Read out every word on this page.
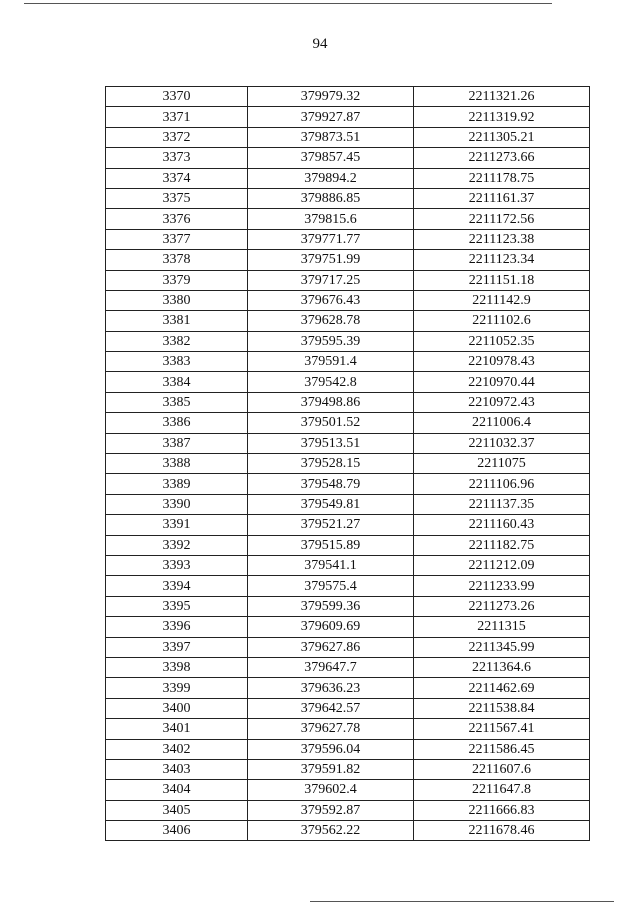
94
3370	379979.32	2211321.26
3371	379927.87	2211319.92
3372	379873.51	2211305.21
3373	379857.45	2211273.66
3374	379894.2	2211178.75
3375	379886.85	2211161.37
3376	379815.6	2211172.56
3377	379771.77	2211123.38
3378	379751.99	2211123.34
3379	379717.25	2211151.18
3380	379676.43	2211142.9
3381	379628.78	2211102.6
3382	379595.39	2211052.35
3383	379591.4	2210978.43
3384	379542.8	2210970.44
3385	379498.86	2210972.43
3386	379501.52	2211006.4
3387	379513.51	2211032.37
3388	379528.15	2211075
3389	379548.79	2211106.96
3390	379549.81	2211137.35
3391	379521.27	2211160.43
3392	379515.89	2211182.75
3393	379541.1	2211212.09
3394	379575.4	2211233.99
3395	379599.36	2211273.26
3396	379609.69	2211315
3397	379627.86	2211345.99
3398	379647.7	2211364.6
3399	379636.23	2211462.69
3400	379642.57	2211538.84
3401	379627.78	2211567.41
3402	379596.04	2211586.45
3403	379591.82	2211607.6
3404	379602.4	2211647.8
3405	379592.87	2211666.83
3406	379562.22	2211678.46
